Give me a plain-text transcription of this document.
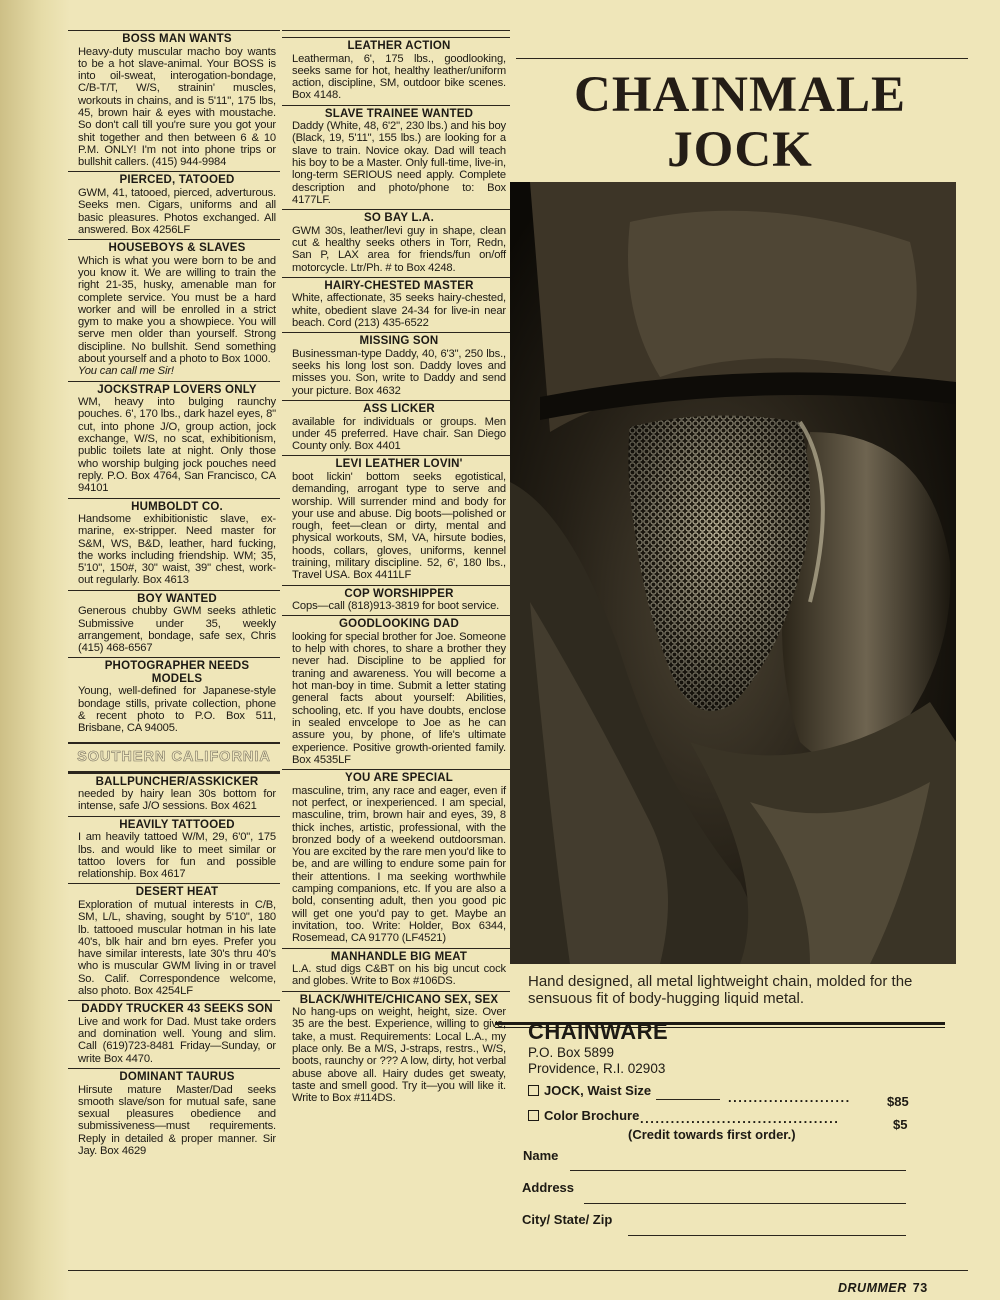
BOSS MAN WANTS
Heavy-duty muscular macho boy wants to be a hot slave-animal. Your BOSS is into oil-sweat, interogation-bondage, C/B-T/T, W/S, strainin' muscles, workouts in chains, and is 5'11", 175 lbs, 45, brown hair & eyes with moustache. So don't call till you're sure you got your shit together and then between 6 & 10 P.M. ONLY! I'm not into phone trips or bullshit callers. (415) 944-9984
PIERCED, TATOOED
GWM, 41, tatooed, pierced, adverturous. Seeks men. Cigars, uniforms and all basic pleasures. Photos exchanged. All answered. Box 4256LF
HOUSEBOYS & SLAVES
Which is what you were born to be and you know it. We are willing to train the right 21-35, husky, amenable man for complete service. You must be a hard worker and will be enrolled in a strict gym to make you a showpiece. You will serve men older than yourself. Strong discipline. No bullshit. Send something about yourself and a photo to Box 1000.
You can call me Sir!
JOCKSTRAP LOVERS ONLY
WM, heavy into bulging raunchy pouches. 6', 170 lbs., dark hazel eyes, 8" cut, into phone J/O, group action, jock exchange, W/S, no scat, exhibitionism, public toilets late at night. Only those who worship bulging jock pouches need reply. P.O. Box 4764, San Francisco, CA 94101
HUMBOLDT CO.
Handsome exhibitionistic slave, ex-marine, ex-stripper. Need master for S&M, WS, B&D, leather, hard fucking, the works including friendship. WM; 35, 5'10", 150#, 30" waist, 39" chest, work-out regularly. Box 4613
BOY WANTED
Generous chubby GWM seeks athletic Submissive under 35, weekly arrangement, bondage, safe sex, Chris (415) 468-6567
PHOTOGRAPHER NEEDS MODELS
Young, well-defined for Japanese-style bondage stills, private collection, phone & recent photo to P.O. Box 511, Brisbane, CA 94005.
SOUTHERN CALIFORNIA
BALLPUNCHER/ASSKICKER
needed by hairy lean 30s bottom for intense, safe J/O sessions. Box 4621
HEAVILY TATTOOED
I am heavily tattoed W/M, 29, 6'0", 175 lbs. and would like to meet similar or tattoo lovers for fun and possible relationship. Box 4617
DESERT HEAT
Exploration of mutual interests in C/B, SM, L/L, shaving, sought by 5'10", 180 lb. tattooed muscular hotman in his late 40's, blk hair and brn eyes. Prefer you have similar interests, late 30's thru 40's who is muscular GWM living in or travel So. Calif. Correspondence welcome, also photo. Box 4254LF
DADDY TRUCKER 43 SEEKS SON
Live and work for Dad. Must take orders and domination well. Young and slim. Call (619)723-8481 Friday—Sunday, or write Box 4470.
DOMINANT TAURUS
Hirsute mature Master/Dad seeks smooth slave/son for mutual safe, sane sexual pleasures obedience and submissiveness—must requirements. Reply in detailed & proper manner. Sir Jay. Box 4629
LEATHER ACTION
Leatherman, 6', 175 lbs., goodlooking, seeks same for hot, healthy leather/uniform action, discipline, SM, outdoor bike scenes. Box 4148.
SLAVE TRAINEE WANTED
Daddy (White, 48, 6'2", 230 lbs.) and his boy (Black, 19, 5'11", 155 lbs.) are looking for a slave to train. Novice okay. Dad will teach his boy to be a Master. Only full-time, live-in, long-term SERIOUS need apply. Complete description and photo/phone to: Box 4177LF.
SO BAY L.A.
GWM 30s, leather/levi guy in shape, clean cut & healthy seeks others in Torr, Redn, San P, LAX area for friends/fun on/off motorcycle. Ltr/Ph. # to Box 4248.
HAIRY-CHESTED MASTER
White, affectionate, 35 seeks hairy-chested, white, obedient slave 24-34 for live-in near beach. Cord (213) 435-6522
MISSING SON
Businessman-type Daddy, 40, 6'3", 250 lbs., seeks his long lost son. Daddy loves and misses you. Son, write to Daddy and send your picture. Box 4632
ASS LICKER
available for individuals or groups. Men under 45 preferred. Have chair. San Diego County only. Box 4401
LEVI LEATHER LOVIN'
boot lickin' bottom seeks egotistical, demanding, arrogant type to serve and worship. Will surrender mind and body for your use and abuse. Dig boots—polished or rough, feet—clean or dirty, mental and physical workouts, SM, VA, hirsute bodies, hoods, collars, gloves, uniforms, kennel training, military discipline. 52, 6', 180 lbs., Travel USA. Box 4411LF
COP WORSHIPPER
Cops—call (818)913-3819 for boot service.
GOODLOOKING DAD
looking for special brother for Joe. Someone to help with chores, to share a brother they never had. Discipline to be applied for traning and awareness. You will become a hot man-boy in time. Submit a letter stating general facts about yourself: Abilities, schooling, etc. If you have doubts, enclose in sealed envcelope to Joe as he can assure you, by phone, of life's ultimate experience. Positive growth-oriented family. Box 4535LF
YOU ARE SPECIAL
masculine, trim, any race and eager, even if not perfect, or inexperienced. I am special, masculine, trim, brown hair and eyes, 39, 8 thick inches, artistic, professional, with the bronzed body of a weekend outdoorsman. You are excited by the rare men you'd like to be, and are willing to endure some pain for their attentions. I ma seeking worthwhile camping companions, etc. If you are also a bold, consenting adult, then you good pic will get one you'd pay to get. Maybe an invitation, too. Write: Holder, Box 6344, Rosemead, CA 91770 (LF4521)
MANHANDLE BIG MEAT
L.A. stud digs C&BT on his big uncut cock and globes. Write to Box #106DS.
BLACK/WHITE/CHICANO SEX, SEX
No hang-ups on weight, height, size. Over 35 are the best. Experience, willing to give, take, a must. Requirements: Local L.A., my place only. Be a M/S, J-straps, restrs., W/S, boots, raunchy or ??? A low, dirty, hot verbal abuse above all. Hairy dudes get sweaty, taste and smell good. Try it—you will like it. Write to Box #114DS.
CHAINMALE
JOCK
Hand designed, all metal lightweight chain, molded for the sensuous fit of body-hugging liquid metal.
CHAINWARE
P.O. Box 5899
Providence, R.I. 02903
JOCK, Waist Size	........................	$85
Color Brochure .......................................	$5
(Credit towards first order.)
Name
Address
City/ State/ Zip
DRUMMER 73
